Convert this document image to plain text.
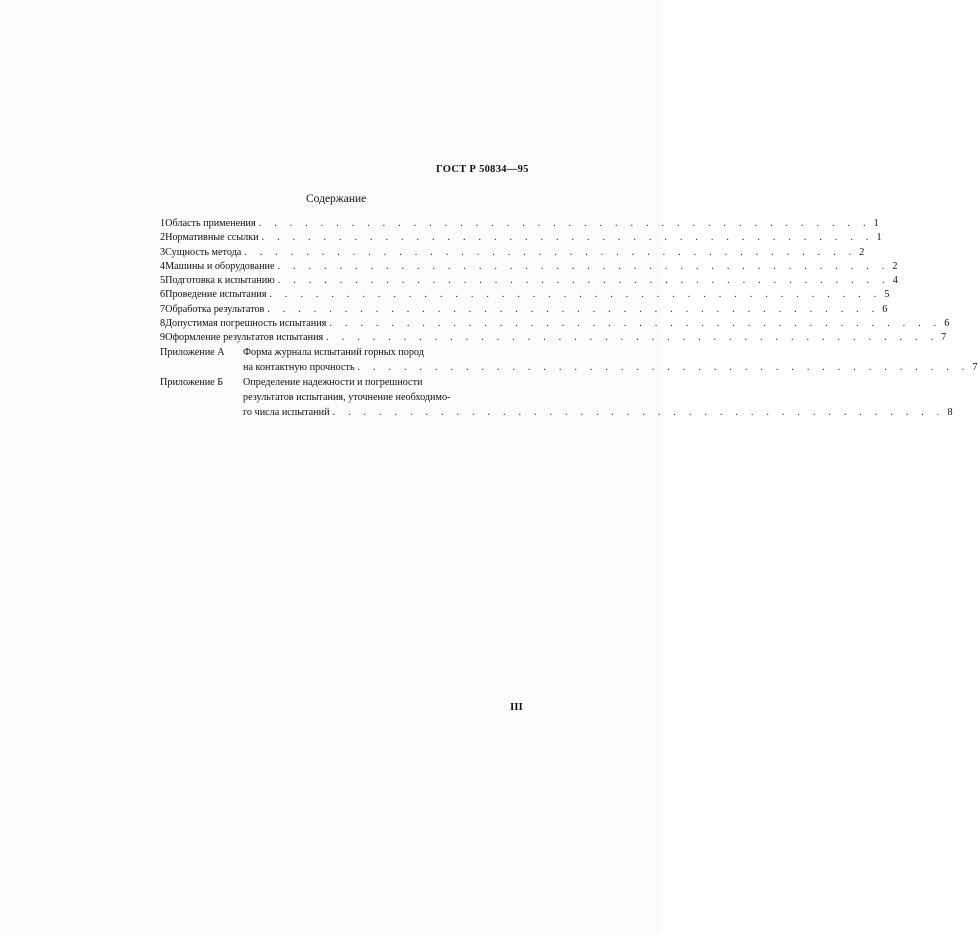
ГОСТ Р 50834—95
Содержание
1 Область применения . . . . . . . . . . . . . . . . . . . . . . . . . . . . . . . . . . . . . . . . 1
2 Нормативные ссылки . . . . . . . . . . . . . . . . . . . . . . . . . . . . . . . . . . . . . . . . 1
3 Сущность метода . . . . . . . . . . . . . . . . . . . . . . . . . . . . . . . . . . . . . . . . 2
4 Машины и оборудование . . . . . . . . . . . . . . . . . . . . . . . . . . . . . . . . . . . . . . . . 2
5 Подготовка к испытанию . . . . . . . . . . . . . . . . . . . . . . . . . . . . . . . . . . . . . . . . 4
6 Проведение испытания . . . . . . . . . . . . . . . . . . . . . . . . . . . . . . . . . . . . . . . . 5
7 Обработка результатов . . . . . . . . . . . . . . . . . . . . . . . . . . . . . . . . . . . . . . . . 6
8 Допустимая погрешность испытания . . . . . . . . . . . . . . . . . . . . . . . . . . . . . . . . . . . . . . . . 6
9 Оформление результатов испытания . . . . . . . . . . . . . . . . . . . . . . . . . . . . . . . . . . . . . . . . 7
Приложение А Форма журнала испытаний горных пород
на контактную прочность . . . . . . . . . . . . . . . . . . . . . . . . . . . . . . . . . . . . . . . . 7
Приложение Б Определение надежности и погрешности
результатов испытания, уточнение необходимо-
го числа испытаний . . . . . . . . . . . . . . . . . . . . . . . . . . . . . . . . . . . . . . . . 8
III
